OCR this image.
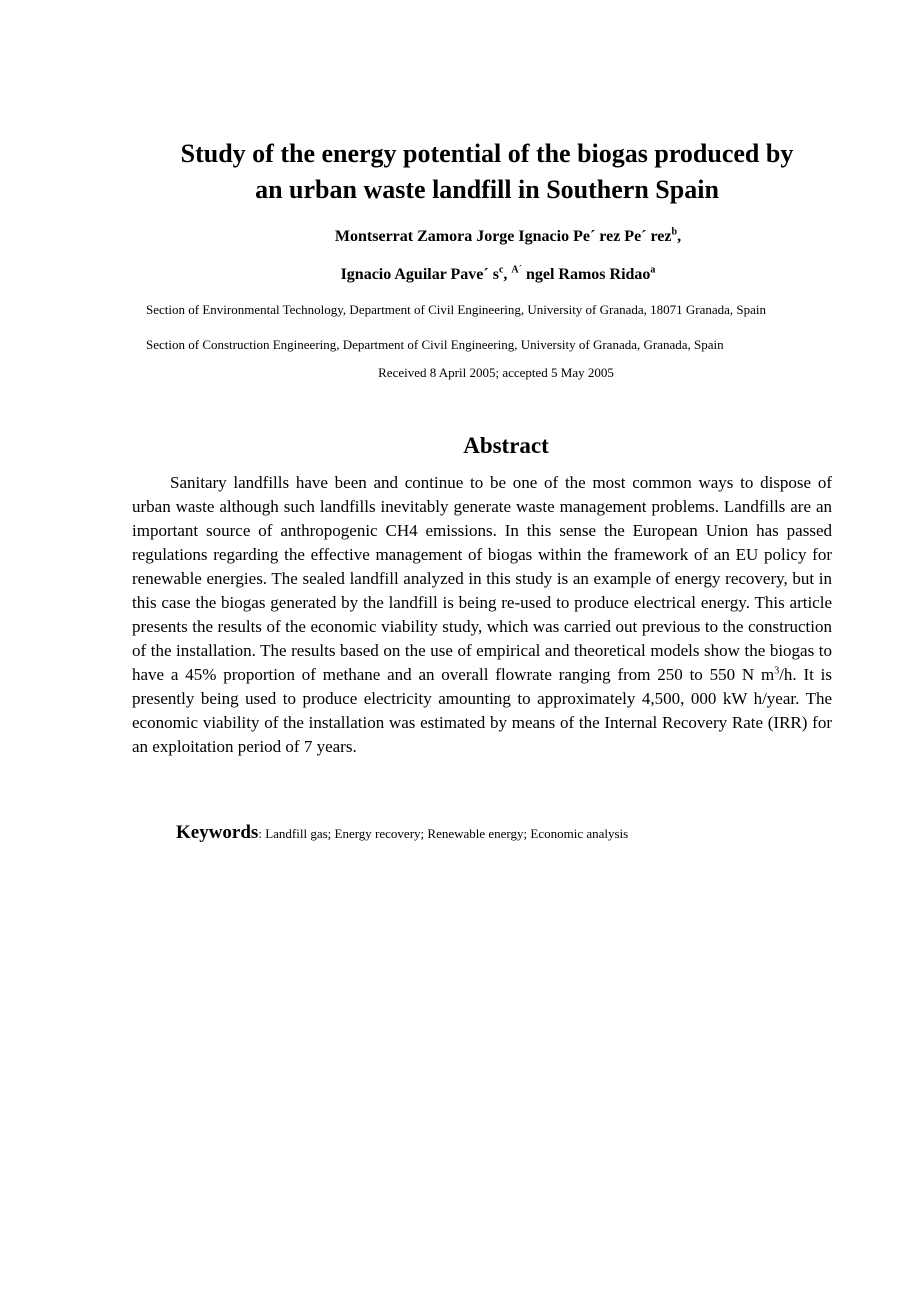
Study of the energy potential of the biogas produced by
an urban waste landfill in Southern Spain
Montserrat Zamora Jorge Ignacio Pe´ rez Pe´ rez$^b$,
Ignacio Aguilar Pave´ $s^c$, $^{A´}$ ngel Ramos Ridao$^a$
Section of Environmental Technology, Department of Civil Engineering, University of Granada, 18071 Granada, Spain
Section of Construction Engineering, Department of Civil Engineering, University of Granada, Granada, Spain
Received 8 April 2005; accepted 5 May 2005
Abstract

Sanitary landfills have been and continue to be one of the most common ways to dispose of urban waste although such landfills inevitably generate waste management problems. Landfills are an important source of anthropogenic CH4 emissions. In this sense the European Union has passed regulations regarding the effective management of biogas within the framework of an EU policy for renewable energies. The sealed landfill analyzed in this study is an example of energy recovery, but in this case the biogas generated by the landfill is being re-used to produce electrical energy. This article presents the results of the economic viability study, which was carried out previous to the construction of the installation. The results based on the use of empirical and theoretical models show the biogas to have a 45% proportion of methane and an overall flowrate ranging from 250 to 550 N $m^3/h$. It is presently being used to produce electricity amounting to approximately 4,500, 000 kW h/year. The economic viability of the installation was estimated by means of the Internal Recovery Rate (IRR) for an exploitation period of 7 years.

Keywords: Landfill gas; Energy recovery; Renewable energy; Economic analysis
